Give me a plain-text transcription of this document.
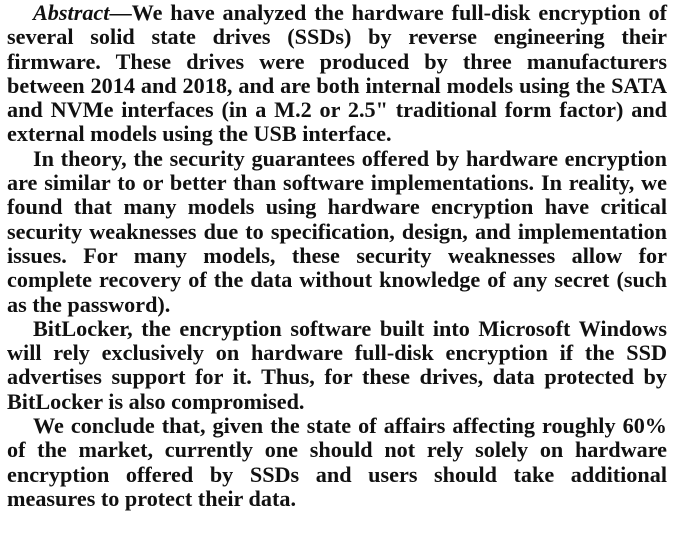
Abstract—We have analyzed the hardware full-disk encryption of several solid state drives (SSDs) by reverse engineering their firmware. These drives were produced by three manufacturers between 2014 and 2018, and are both internal models using the SATA and NVMe interfaces (in a M.2 or 2.5" traditional form factor) and external models using the USB interface.

In theory, the security guarantees offered by hardware encryption are similar to or better than software implementations. In reality, we found that many models using hardware encryption have critical security weaknesses due to specification, design, and implementation issues. For many models, these security weaknesses allow for complete recovery of the data without knowledge of any secret (such as the password).

BitLocker, the encryption software built into Microsoft Windows will rely exclusively on hardware full-disk encryption if the SSD advertises support for it. Thus, for these drives, data protected by BitLocker is also compromised.

We conclude that, given the state of affairs affecting roughly 60% of the market, currently one should not rely solely on hardware encryption offered by SSDs and users should take additional measures to protect their data.
